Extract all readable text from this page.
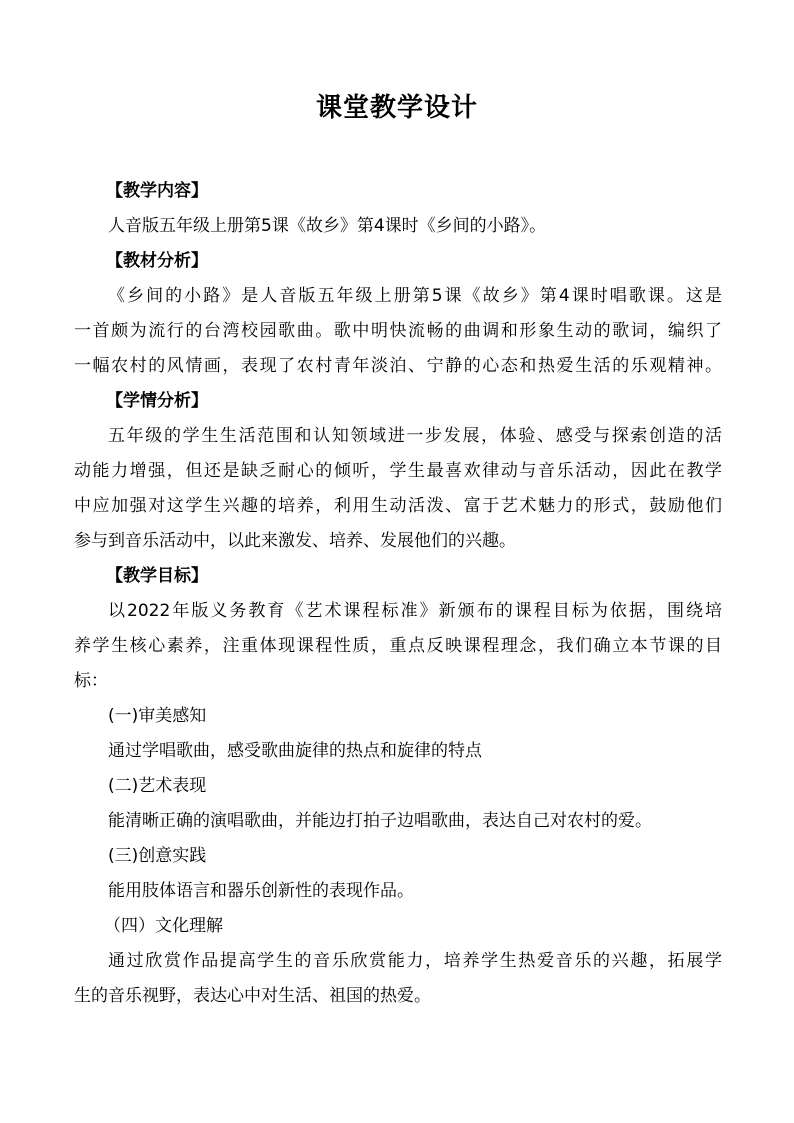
课堂教学设计
【教学内容】
人音版五年级上册第5课《故乡》第4课时《乡间的小路》。
【教材分析】
《乡间的小路》是人音版五年级上册第5课《故乡》第4课时唱歌课。这是
一首颇为流行的台湾校园歌曲。歌中明快流畅的曲调和形象生动的歌词，编织了
一幅农村的风情画，表现了农村青年淡泊、宁静的心态和热爱生活的乐观精神。
【学情分析】
五年级的学生生活范围和认知领域进一步发展，体验、感受与探索创造的活
动能力增强，但还是缺乏耐心的倾听，学生最喜欢律动与音乐活动，因此在教学
中应加强对这学生兴趣的培养，利用生动活泼、富于艺术魅力的形式，鼓励他们
参与到音乐活动中，以此来激发、培养、发展他们的兴趣。
【教学目标】
以2022年版义务教育《艺术课程标准》新颁布的课程目标为依据，围绕培
养学生核心素养，注重体现课程性质，重点反映课程理念，我们确立本节课的目
标：
(一)审美感知
通过学唱歌曲，感受歌曲旋律的热点和旋律的特点
(二)艺术表现
能清晰正确的演唱歌曲，并能边打拍子边唱歌曲，表达自己对农村的爱。
(三)创意实践
能用肢体语言和器乐创新性的表现作品。
（四）文化理解
通过欣赏作品提高学生的音乐欣赏能力，培养学生热爱音乐的兴趣，拓展学
生的音乐视野，表达心中对生活、祖国的热爱。
